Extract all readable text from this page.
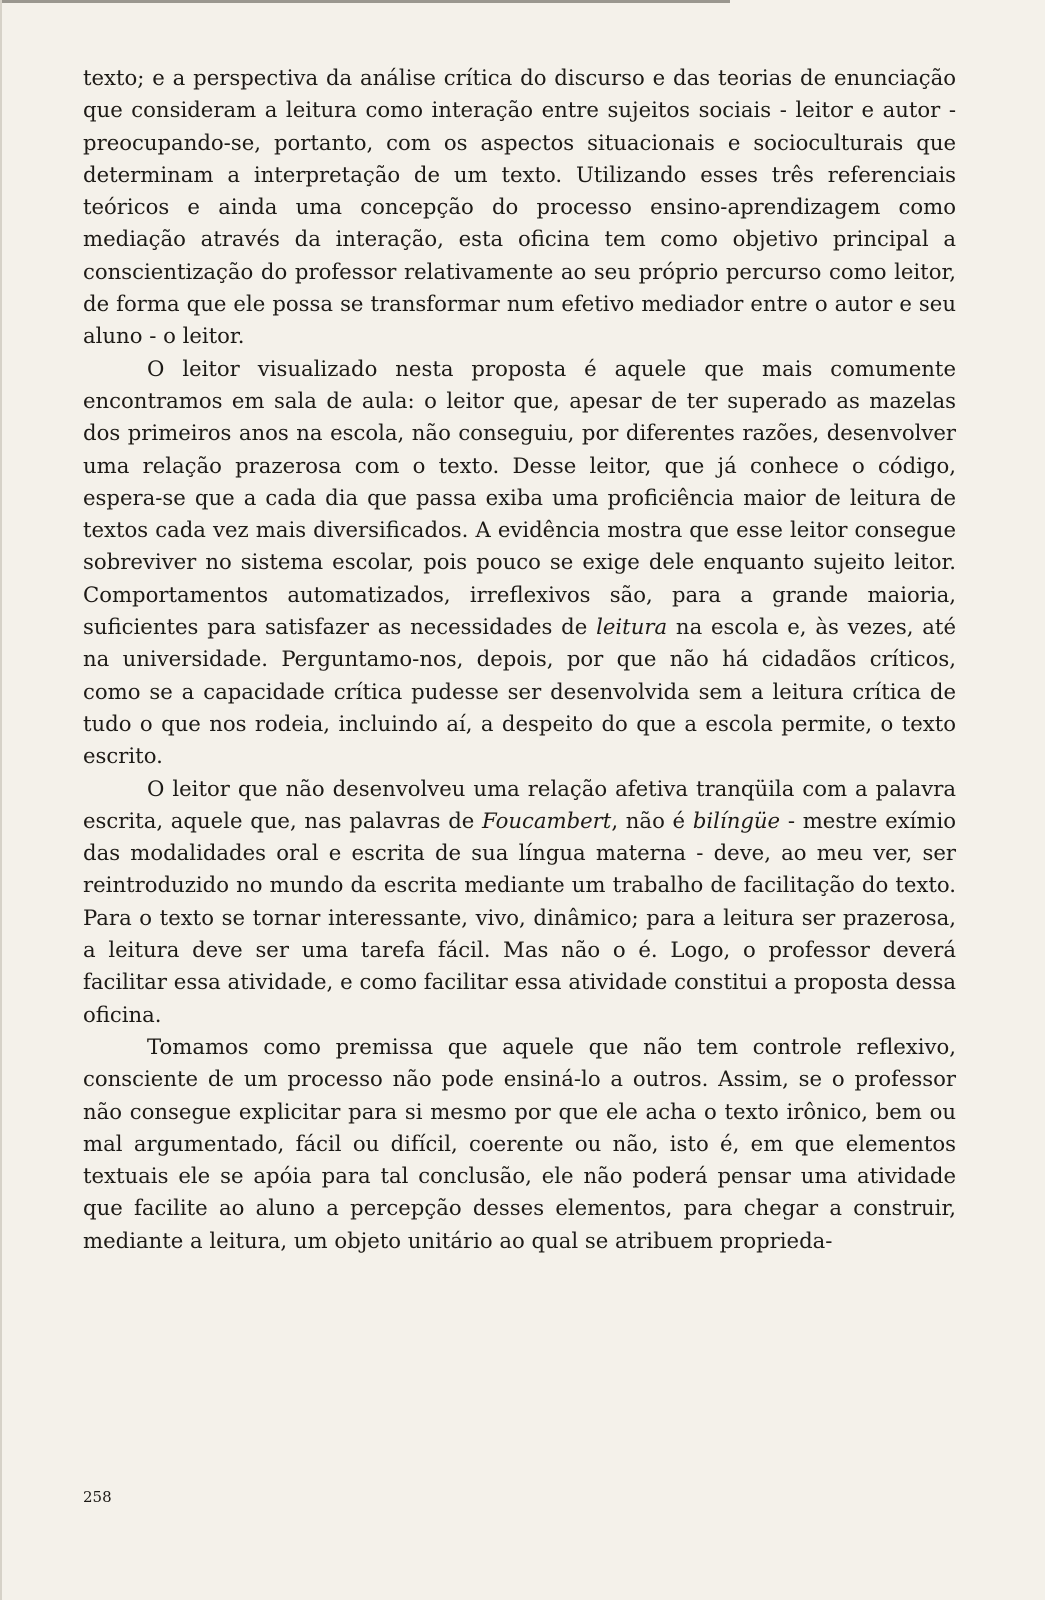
texto; e a perspectiva da análise crítica do discurso e das teorias de enunciação que consideram a leitura como interação entre sujeitos sociais - leitor e autor - preocupando-se, portanto, com os aspectos situacionais e socioculturais que determinam a interpretação de um texto. Utilizando esses três referenciais teóricos e ainda uma concepção do processo ensino-aprendizagem como mediação através da interação, esta oficina tem como objetivo principal a conscientização do professor relativamente ao seu próprio percurso como leitor, de forma que ele possa se transformar num efetivo mediador entre o autor e seu aluno - o leitor.

O leitor visualizado nesta proposta é aquele que mais comumente encontramos em sala de aula: o leitor que, apesar de ter superado as mazelas dos primeiros anos na escola, não conseguiu, por diferentes razões, desenvolver uma relação prazerosa com o texto. Desse leitor, que já conhece o código, espera-se que a cada dia que passa exiba uma proficiência maior de leitura de textos cada vez mais diversificados. A evidência mostra que esse leitor consegue sobreviver no sistema escolar, pois pouco se exige dele enquanto sujeito leitor. Comportamentos automatizados, irreflexivos são, para a grande maioria, suficientes para satisfazer as necessidades de leitura na escola e, às vezes, até na universidade. Perguntamo-nos, depois, por que não há cidadãos críticos, como se a capacidade crítica pudesse ser desenvolvida sem a leitura crítica de tudo o que nos rodeia, incluindo aí, a despeito do que a escola permite, o texto escrito.

O leitor que não desenvolveu uma relação afetiva tranqüila com a palavra escrita, aquele que, nas palavras de Foucambert, não é bilíngüe - mestre exímio das modalidades oral e escrita de sua língua materna - deve, ao meu ver, ser reintroduzido no mundo da escrita mediante um trabalho de facilitação do texto. Para o texto se tornar interessante, vivo, dinâmico; para a leitura ser prazerosa, a leitura deve ser uma tarefa fácil. Mas não o é. Logo, o professor deverá facilitar essa atividade, e como facilitar essa atividade constitui a proposta dessa oficina.

Tomamos como premissa que aquele que não tem controle reflexivo, consciente de um processo não pode ensiná-lo a outros. Assim, se o professor não consegue explicitar para si mesmo por que ele acha o texto irônico, bem ou mal argumentado, fácil ou difícil, coerente ou não, isto é, em que elementos textuais ele se apóia para tal conclusão, ele não poderá pensar uma atividade que facilite ao aluno a percepção desses elementos, para chegar a construir, mediante a leitura, um objeto unitário ao qual se atribuem proprieda-

258
